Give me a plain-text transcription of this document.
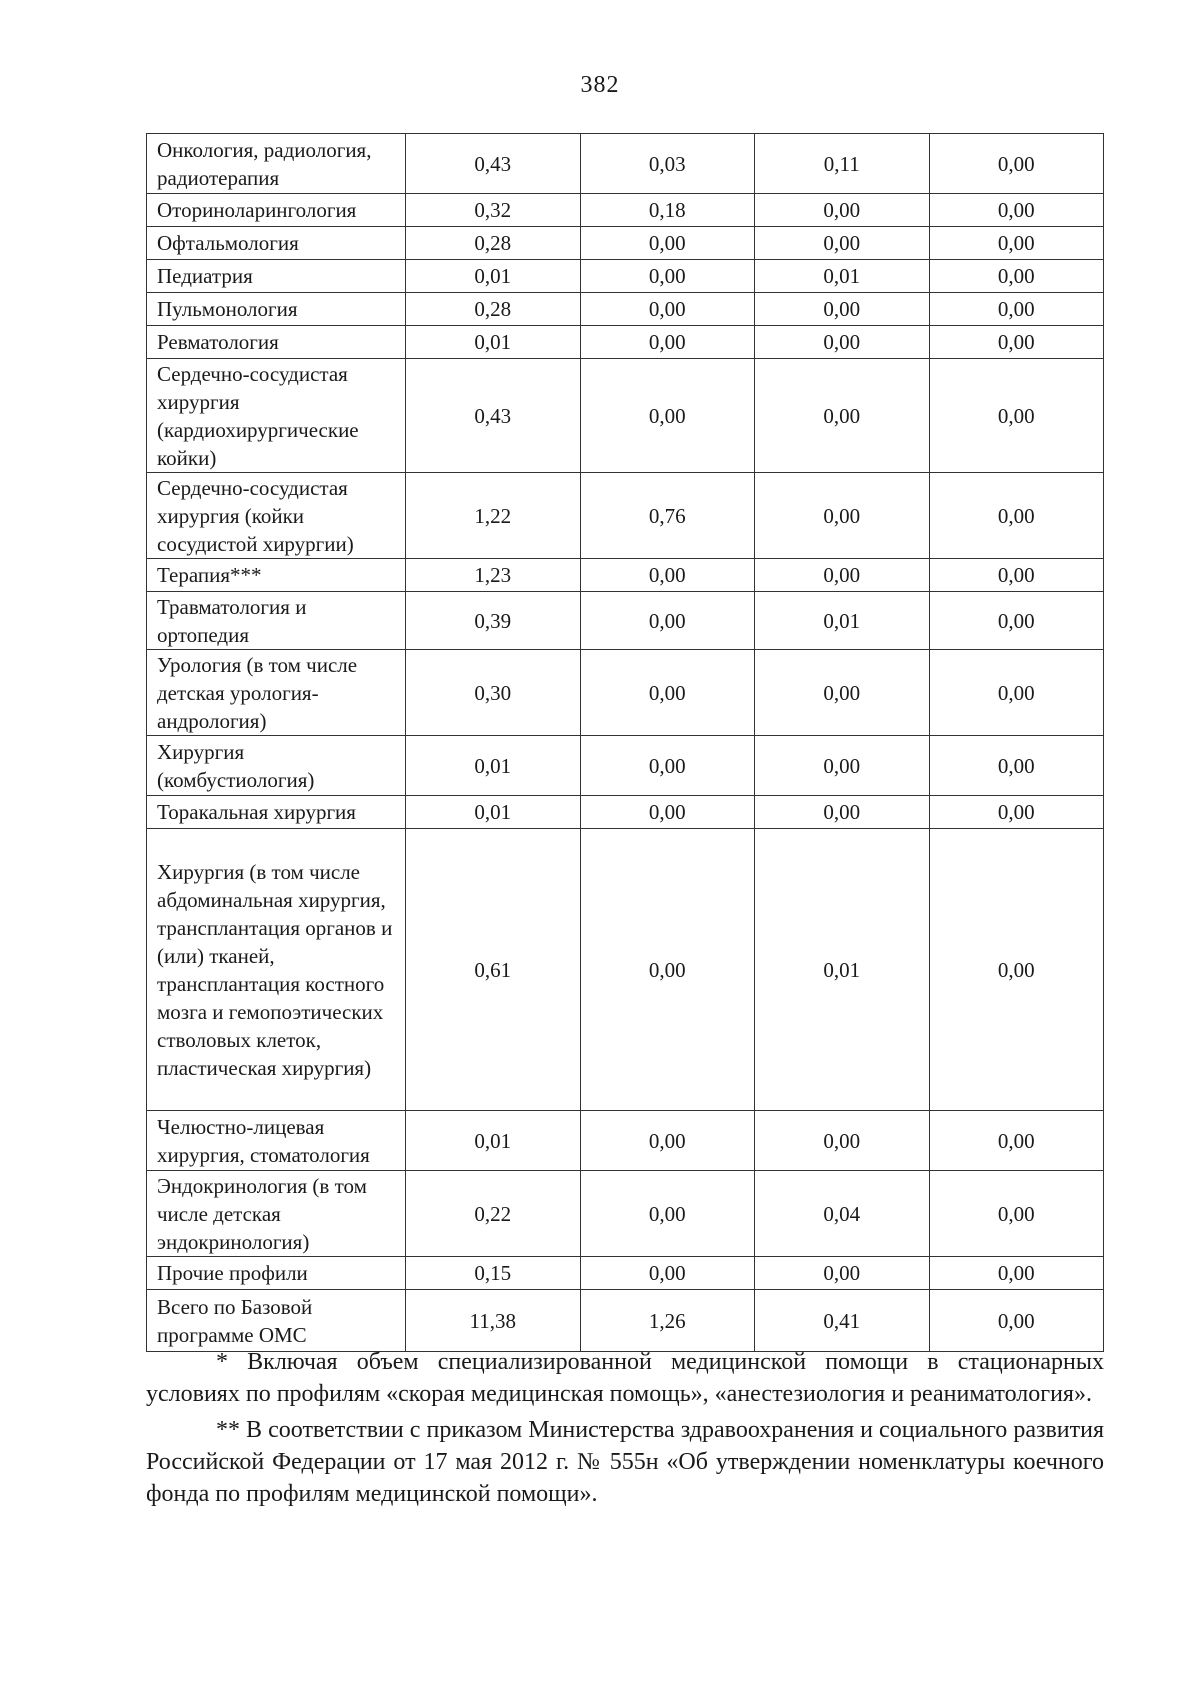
382
Онкология, радиология, радиотерапия	0,43	0,03	0,11	0,00
Оториноларингология	0,32	0,18	0,00	0,00
Офтальмология	0,28	0,00	0,00	0,00
Педиатрия	0,01	0,00	0,01	0,00
Пульмонология	0,28	0,00	0,00	0,00
Ревматология	0,01	0,00	0,00	0,00
Сердечно-сосудистая хирургия (кардиохирургические койки)	0,43	0,00	0,00	0,00
Сердечно-сосудистая хирургия (койки сосудистой хирургии)	1,22	0,76	0,00	0,00
Терапия***	1,23	0,00	0,00	0,00
Травматология и ортопедия	0,39	0,00	0,01	0,00
Урология (в том числе детская урология-андрология)	0,30	0,00	0,00	0,00
Хирургия (комбустиология)	0,01	0,00	0,00	0,00
Торакальная хирургия	0,01	0,00	0,00	0,00
Хирургия (в том числе абдоминальная хирургия, трансплантация органов и (или) тканей, трансплантация костного мозга и гемопоэтических стволовых клеток, пластическая хирургия)	0,61	0,00	0,01	0,00
Челюстно-лицевая хирургия, стоматология	0,01	0,00	0,00	0,00
Эндокринология (в том числе детская эндокринология)	0,22	0,00	0,04	0,00
Прочие профили	0,15	0,00	0,00	0,00
Всего по Базовой программе ОМС	11,38	1,26	0,41	0,00

* Включая объем специализированной медицинской помощи в стационарных условиях по профилям «скорая медицинская помощь», «анестезиология и реаниматология».

** В соответствии с приказом Министерства здравоохранения и социального развития Российской Федерации от 17 мая 2012 г. № 555н «Об утверждении номенклатуры коечного фонда по профилям медицинской помощи».
